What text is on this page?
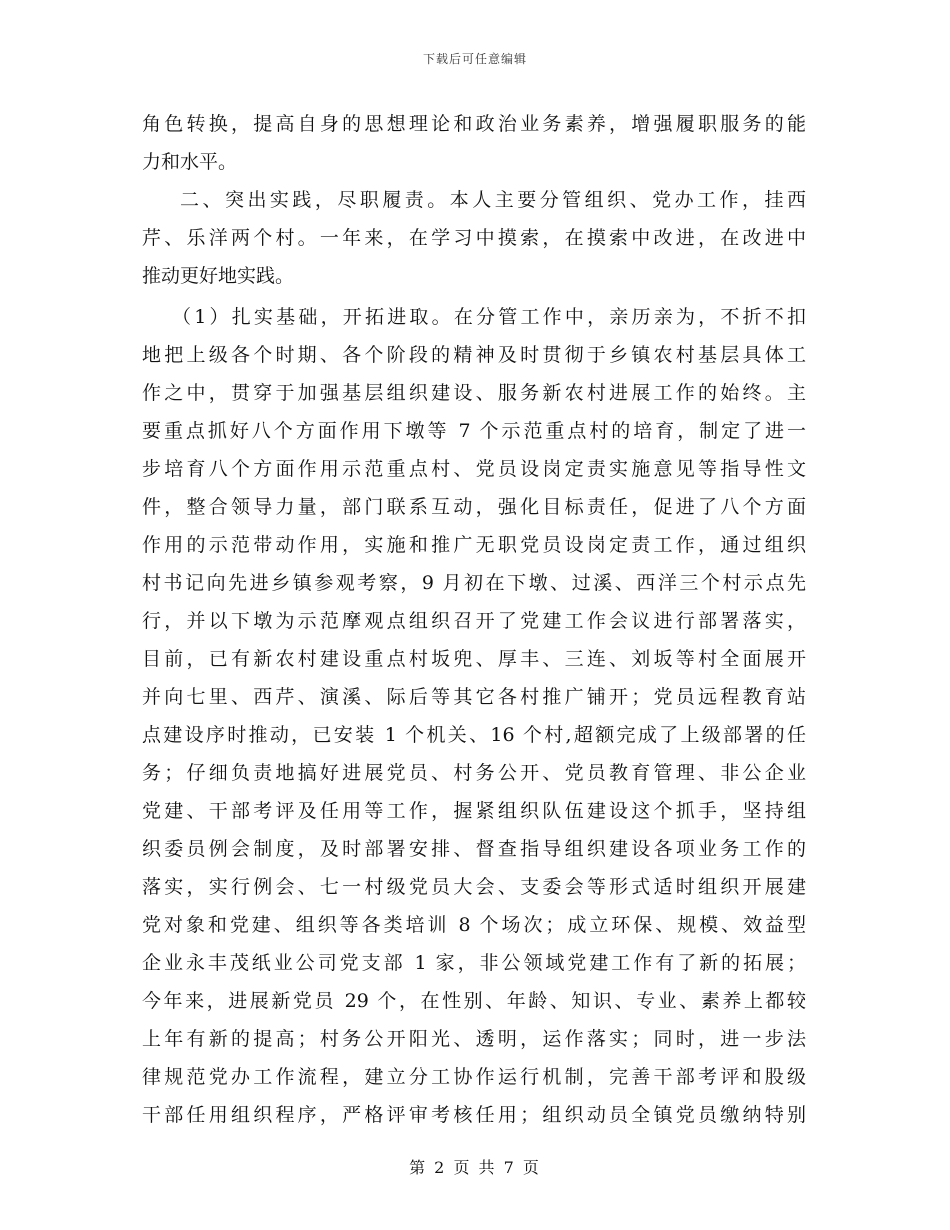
下载后可任意编辑
角色转换，提高自身的思想理论和政治业务素养，增强履职服务的能
力和水平。
二、突出实践，尽职履责。本人主要分管组织、党办工作，挂西
芹、乐洋两个村。一年来，在学习中摸索，在摸索中改进，在改进中
推动更好地实践。
（1）扎实基础，开拓进取。在分管工作中，亲历亲为，不折不扣
地把上级各个时期、各个阶段的精神及时贯彻于乡镇农村基层具体工
作之中，贯穿于加强基层组织建设、服务新农村进展工作的始终。主
要重点抓好八个方面作用下墩等 7 个示范重点村的培育，制定了进一
步培育八个方面作用示范重点村、党员设岗定责实施意见等指导性文
件，整合领导力量，部门联系互动，强化目标责任，促进了八个方面
作用的示范带动作用，实施和推广无职党员设岗定责工作，通过组织
村书记向先进乡镇参观考察，9 月初在下墩、过溪、西洋三个村示点先
行，并以下墩为示范摩观点组织召开了党建工作会议进行部署落实，
目前，已有新农村建设重点村坂兜、厚丰、三连、刘坂等村全面展开
并向七里、西芹、演溪、际后等其它各村推广铺开；党员远程教育站
点建设序时推动，已安装 1 个机关、16 个村,超额完成了上级部署的任
务；仔细负责地搞好进展党员、村务公开、党员教育管理、非公企业
党建、干部考评及任用等工作，握紧组织队伍建设这个抓手，坚持组
织委员例会制度，及时部署安排、督查指导组织建设各项业务工作的
落实，实行例会、七一村级党员大会、支委会等形式适时组织开展建
党对象和党建、组织等各类培训 8 个场次；成立环保、规模、效益型
企业永丰茂纸业公司党支部 1 家，非公领域党建工作有了新的拓展；
今年来，进展新党员 29 个，在性别、年龄、知识、专业、素养上都较
上年有新的提高；村务公开阳光、透明，运作落实；同时，进一步法
律规范党办工作流程，建立分工协作运行机制，完善干部考评和股级
干部任用组织程序，严格评审考核任用；组织动员全镇党员缴纳特别
第 2 页 共 7 页
